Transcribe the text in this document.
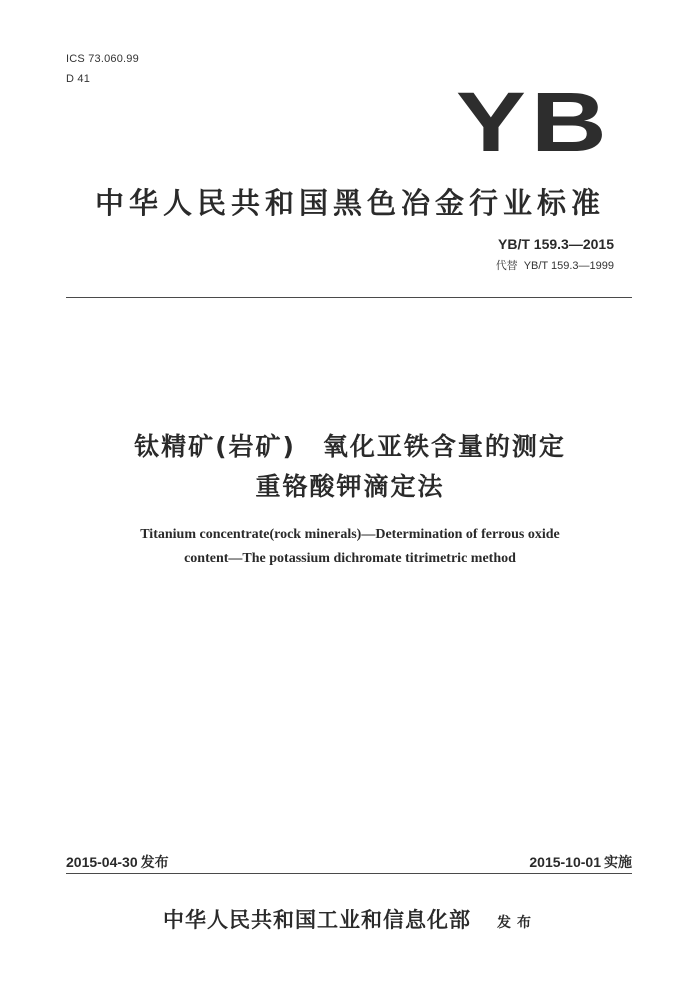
ICS 73.060.99
D 41	YB
中华人民共和国黑色冶金行业标准
YB/T 159.3—2015
代替 YB/T 159.3—1999
钛精矿(岩矿)　氧化亚铁含量的测定
重铬酸钾滴定法
Titanium concentrate(rock minerals)—Determination of ferrous oxide
content—The potassium dichromate titrimetric method
2015-04-30 发布	2015-10-01 实施
中华人民共和国工业和信息化部 发布
